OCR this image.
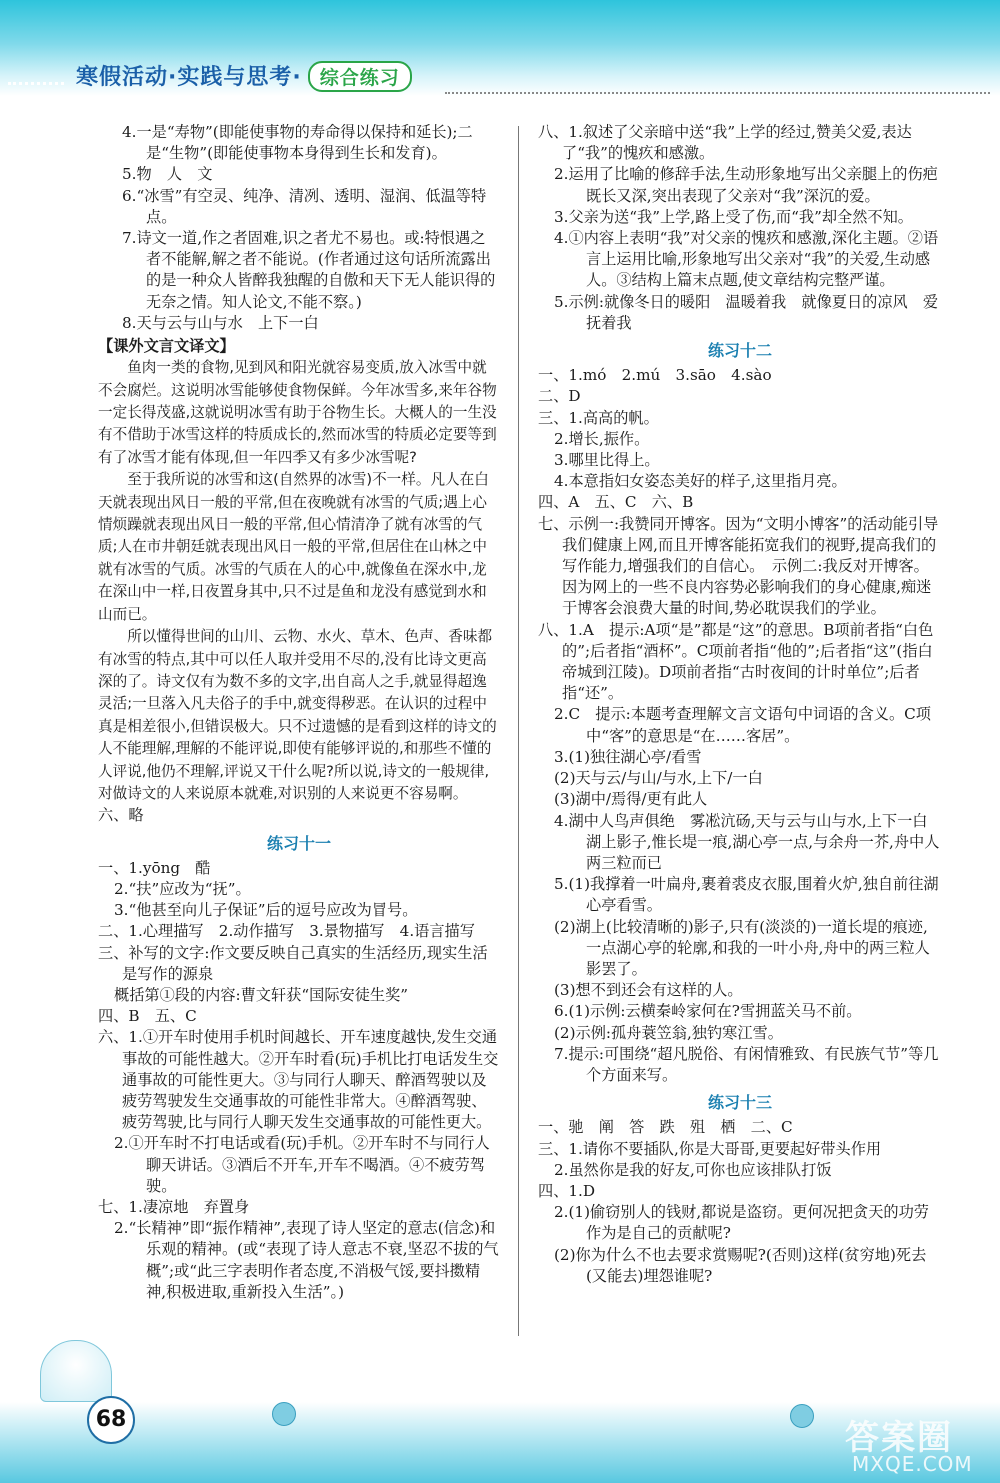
寒假活动·实践与思考· 综合练习

4.一是“寿物”(即能使事物的寿命得以保持和延长);二是“生物”(即能使事物本身得到生长和发育)。

5.物　人　文

6.“冰雪”有空灵、纯净、清冽、透明、湿润、低温等特点。

7.诗文一道,作之者固难,识之者尤不易也。或:特恨遇之者不能解,解之者不能说。(作者通过这句话所流露出的是一种众人皆醉我独醒的自傲和天下无人能识得的无奈之情。知人论文,不能不察。)

8.天与云与山与水　上下一白

【课外文言文译文】

鱼肉一类的食物,见到风和阳光就容易变质,放入冰雪中就不会腐烂。这说明冰雪能够使食物保鲜。今年冰雪多,来年谷物一定长得茂盛,这就说明冰雪有助于谷物生长。大概人的一生没有不借助于冰雪这样的特质成长的,然而冰雪的特质必定要等到有了冰雪才能有体现,但一年四季又有多少冰雪呢?

至于我所说的冰雪和这(自然界的冰雪)不一样。凡人在白天就表现出风日一般的平常,但在夜晚就有冰雪的气质;遇上心情烦躁就表现出风日一般的平常,但心情清净了就有冰雪的气质;人在市井朝廷就表现出风日一般的平常,但居住在山林之中就有冰雪的气质。冰雪的气质在人的心中,就像鱼在深水中,龙在深山中一样,日夜置身其中,只不过是鱼和龙没有感觉到水和山而已。

所以懂得世间的山川、云物、水火、草木、色声、香味都有冰雪的特点,其中可以任人取并受用不尽的,没有比诗文更高深的了。诗文仅有为数不多的文字,出自高人之手,就显得超逸灵活;一旦落入凡夫俗子的手中,就变得秽恶。在认识的过程中真是相差很小,但错误极大。只不过遗憾的是看到这样的诗文的人不能理解,理解的不能评说,即使有能够评说的,和那些不懂的人评说,他仍不理解,评说又干什么呢?所以说,诗文的一般规律,对做诗文的人来说原本就难,对识别的人来说更不容易啊。

六、略

练习十一

一、1.yōng　酷

2.“扶”应改为“抚”。

3.“他甚至向儿子保证”后的逗号应改为冒号。

二、1.心理描写　2.动作描写　3.景物描写　4.语言描写

三、补写的文字:作文要反映自己真实的生活经历,现实生活是写作的源泉

概括第①段的内容:曹文轩获“国际安徒生奖”

四、B　五、C

六、1.①开车时使用手机时间越长、开车速度越快,发生交通事故的可能性越大。②开车时看(玩)手机比打电话发生交通事故的可能性更大。③与同行人聊天、醉酒驾驶以及疲劳驾驶发生交通事故的可能性非常大。④醉酒驾驶、疲劳驾驶,比与同行人聊天发生交通事故的可能性更大。

2.①开车时不打电话或看(玩)手机。②开车时不与同行人聊天讲话。③酒后不开车,开车不喝酒。④不疲劳驾驶。

七、1.凄凉地　弃置身

2.“长精神”即“振作精神”,表现了诗人坚定的意志(信念)和乐观的精神。(或“表现了诗人意志不衰,坚忍不拔的气概”;或“此三字表明作者态度,不消极气馁,要抖擞精神,积极进取,重新投入生活”。)

八、1.叙述了父亲暗中送“我”上学的经过,赞美父爱,表达了“我”的愧疚和感激。

2.运用了比喻的修辞手法,生动形象地写出父亲腿上的伤疤既长又深,突出表现了父亲对“我”深沉的爱。

3.父亲为送“我”上学,路上受了伤,而“我”却全然不知。

4.①内容上表明“我”对父亲的愧疚和感激,深化主题。②语言上运用比喻,形象地写出父亲对“我”的关爱,生动感人。③结构上篇末点题,使文章结构完整严谨。

5.示例:就像冬日的暖阳　温暖着我　就像夏日的凉风　爱抚着我

练习十二

一、1.mó　2.mú　3.sāo　4.sào

二、D

三、1.高高的帆。

2.增长,振作。

3.哪里比得上。

4.本意指妇女姿态美好的样子,这里指月亮。

四、A　五、C　六、B

七、示例一:我赞同开博客。因为“文明小博客”的活动能引导我们健康上网,而且开博客能拓宽我们的视野,提高我们的写作能力,增强我们的自信心。　示例二:我反对开博客。因为网上的一些不良内容势必影响我们的身心健康,痴迷于博客会浪费大量的时间,势必耽误我们的学业。

八、1.A　提示:A项“是”都是“这”的意思。B项前者指“白色的”;后者指“酒杯”。C项前者指“他的”;后者指“这”(指白帝城到江陵)。D项前者指“古时夜间的计时单位”;后者指“还”。

2.C　提示:本题考查理解文言文语句中词语的含义。C项中“客”的意思是“在……客居”。

3.(1)独往湖心亭/看雪

(2)天与云/与山/与水,上下/一白

(3)湖中/焉得/更有此人

4.湖中人鸟声俱绝　雾凇沆砀,天与云与山与水,上下一白　湖上影子,惟长堤一痕,湖心亭一点,与余舟一芥,舟中人两三粒而已

5.(1)我撑着一叶扁舟,裹着裘皮衣服,围着火炉,独自前往湖心亭看雪。

(2)湖上(比较清晰的)影子,只有(淡淡的)一道长堤的痕迹,一点湖心亭的轮廓,和我的一叶小舟,舟中的两三粒人影罢了。

(3)想不到还会有这样的人。

6.(1)示例:云横秦岭家何在?雪拥蓝关马不前。

(2)示例:孤舟蓑笠翁,独钓寒江雪。

7.提示:可围绕“超凡脱俗、有闲情雅致、有民族气节”等几个方面来写。

练习十三

一、驰　阐　答　跌　殂　栖　二、C

三、1.请你不要插队,你是大哥哥,更要起好带头作用

2.虽然你是我的好友,可你也应该排队打饭

四、1.D

2.(1)偷窃别人的钱财,都说是盗窃。更何况把贪天的功劳作为是自己的贡献呢?

(2)你为什么不也去要求赏赐呢?(否则)这样(贫穷地)死去(又能去)埋怨谁呢?

68	答案圈
MXQE.COM
